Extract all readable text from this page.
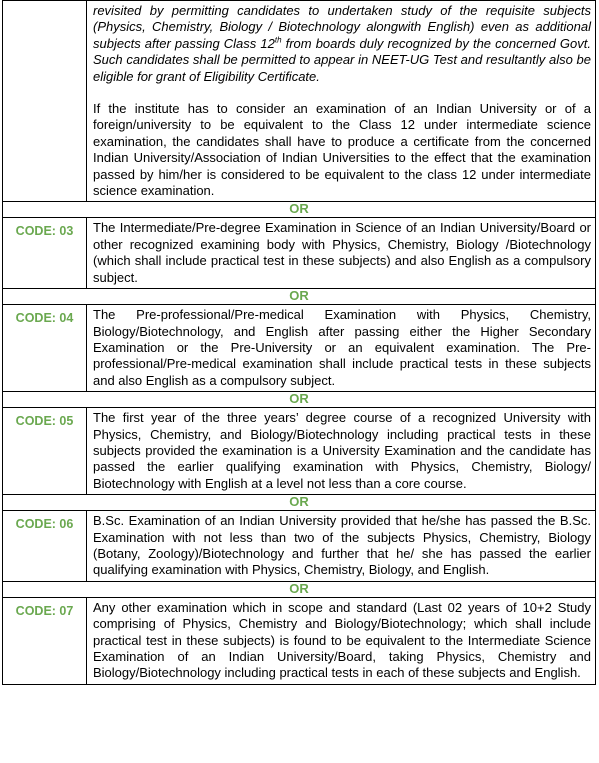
	revisited by permitting candidates to undertaken study of the requisite subjects (Physics, Chemistry, Biology / Biotechnology alongwith English) even as additional subjects after passing Class 12th from boards duly recognized by the concerned Govt. Such candidates shall be permitted to appear in NEET-UG Test and resultantly also be eligible for grant of Eligibility Certificate.

If the institute has to consider an examination of an Indian University or of a foreign/university to be equivalent to the Class 12 under intermediate science examination, the candidates shall have to produce a certificate from the concerned Indian University/Association of Indian Universities to the effect that the examination passed by him/her is considered to be equivalent to the class 12 under intermediate science examination.

OR	
CODE: 03	The Intermediate/Pre-degree Examination in Science of an Indian University/Board or other recognized examining body with Physics, Chemistry, Biology /Biotechnology (which shall include practical test in these subjects) and also English as a compulsory subject.
OR	
CODE: 04	The Pre-professional/Pre-medical Examination with Physics, Chemistry, Biology/Biotechnology, and English after passing either the Higher Secondary Examination or the Pre-University or an equivalent examination. The Pre-professional/Pre-medical examination shall include practical tests in these subjects and also English as a compulsory subject.
OR	
CODE: 05	The first year of the three years’ degree course of a recognized University with Physics, Chemistry, and Biology/Biotechnology including practical tests in these subjects provided the examination is a University Examination and the candidate has passed the earlier qualifying examination with Physics, Chemistry, Biology/ Biotechnology with English at a level not less than a core course.
OR	
CODE: 06	B.Sc. Examination of an Indian University provided that he/she has passed the B.Sc. Examination with not less than two of the subjects Physics, Chemistry, Biology (Botany, Zoology)/Biotechnology and further that he/ she has passed the earlier qualifying examination with Physics, Chemistry, Biology, and English.
OR	
CODE: 07	Any other examination which in scope and standard (Last 02 years of 10+2 Study comprising of Physics, Chemistry and Biology/Biotechnology; which shall include practical test in these subjects) is found to be equivalent to the Intermediate Science Examination of an Indian University/Board, taking Physics, Chemistry and Biology/Biotechnology including practical tests in each of these subjects and English.
